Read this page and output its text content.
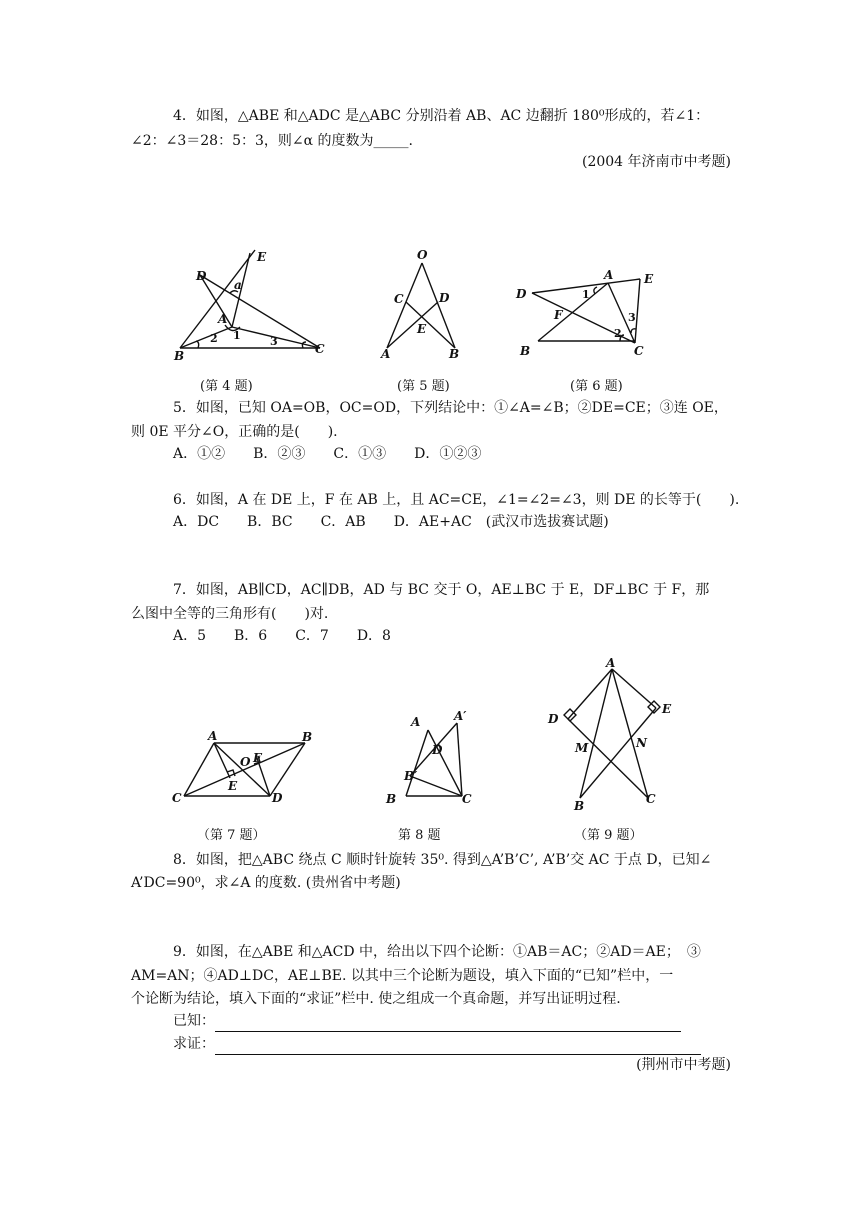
4．如图，△ABE 和△ADC 是△ABC 分别沿着 AB、AC 边翻折 180⁰形成的，若∠1：
∠2：∠3＝28：5：3，则∠α 的度数为_____.
(2004 年济南市中考题)
E
D
a
A
1
2	3
B	C
(第 4 题)
O
C	D
E
A	B
(第 5 题)
A	E
D	1
F	3
2
B	C
(第 6 题)
5．如图，已知 OA=OB，OC=OD，下列结论中：①∠A=∠B；②DE=CE；③连 OE，
则 0E 平分∠O，正确的是(　　).
A．①②　　B．②③　　C．①③　　D．①②③
6．如图，A 在 DE 上，F 在 AB 上，且 AC=CE，∠1=∠2=∠3，则 DE 的长等于(　　).
A．DC　　B．BC　　C．AB　　D．AE+AC　(武汉市选拔赛试题)
7．如图，AB∥CD，AC∥DB，AD 与 BC 交于 O，AE⊥BC 于 E，DF⊥BC 于 F，那
么图中全等的三角形有(　　)对.
A．5　　B．6　　C．7　　D．8
A	B
O F
E
C	D
（第 7 题）
A	A′
D
B′
B	C
第 8 题
A
D
E
M	N
B	C
（第 9 题）
8．如图，把△ABC 绕点 C 顺时针旋转 35⁰. 得到△A’B’C’, A’B’交 AC 于点 D，已知∠
A’DC=90⁰，求∠A 的度数. (贵州省中考题)
9．如图，在△ABE 和△ACD 中，给出以下四个论断：①AB＝AC；②AD＝AE；　③
AM=AN；④AD⊥DC，AE⊥BE. 以其中三个论断为题设，填入下面的“已知”栏中，一
个论断为结论，填入下面的“求证”栏中. 使之组成一个真命题，并写出证明过程.
已知：
求证：
(荆州市中考题)
